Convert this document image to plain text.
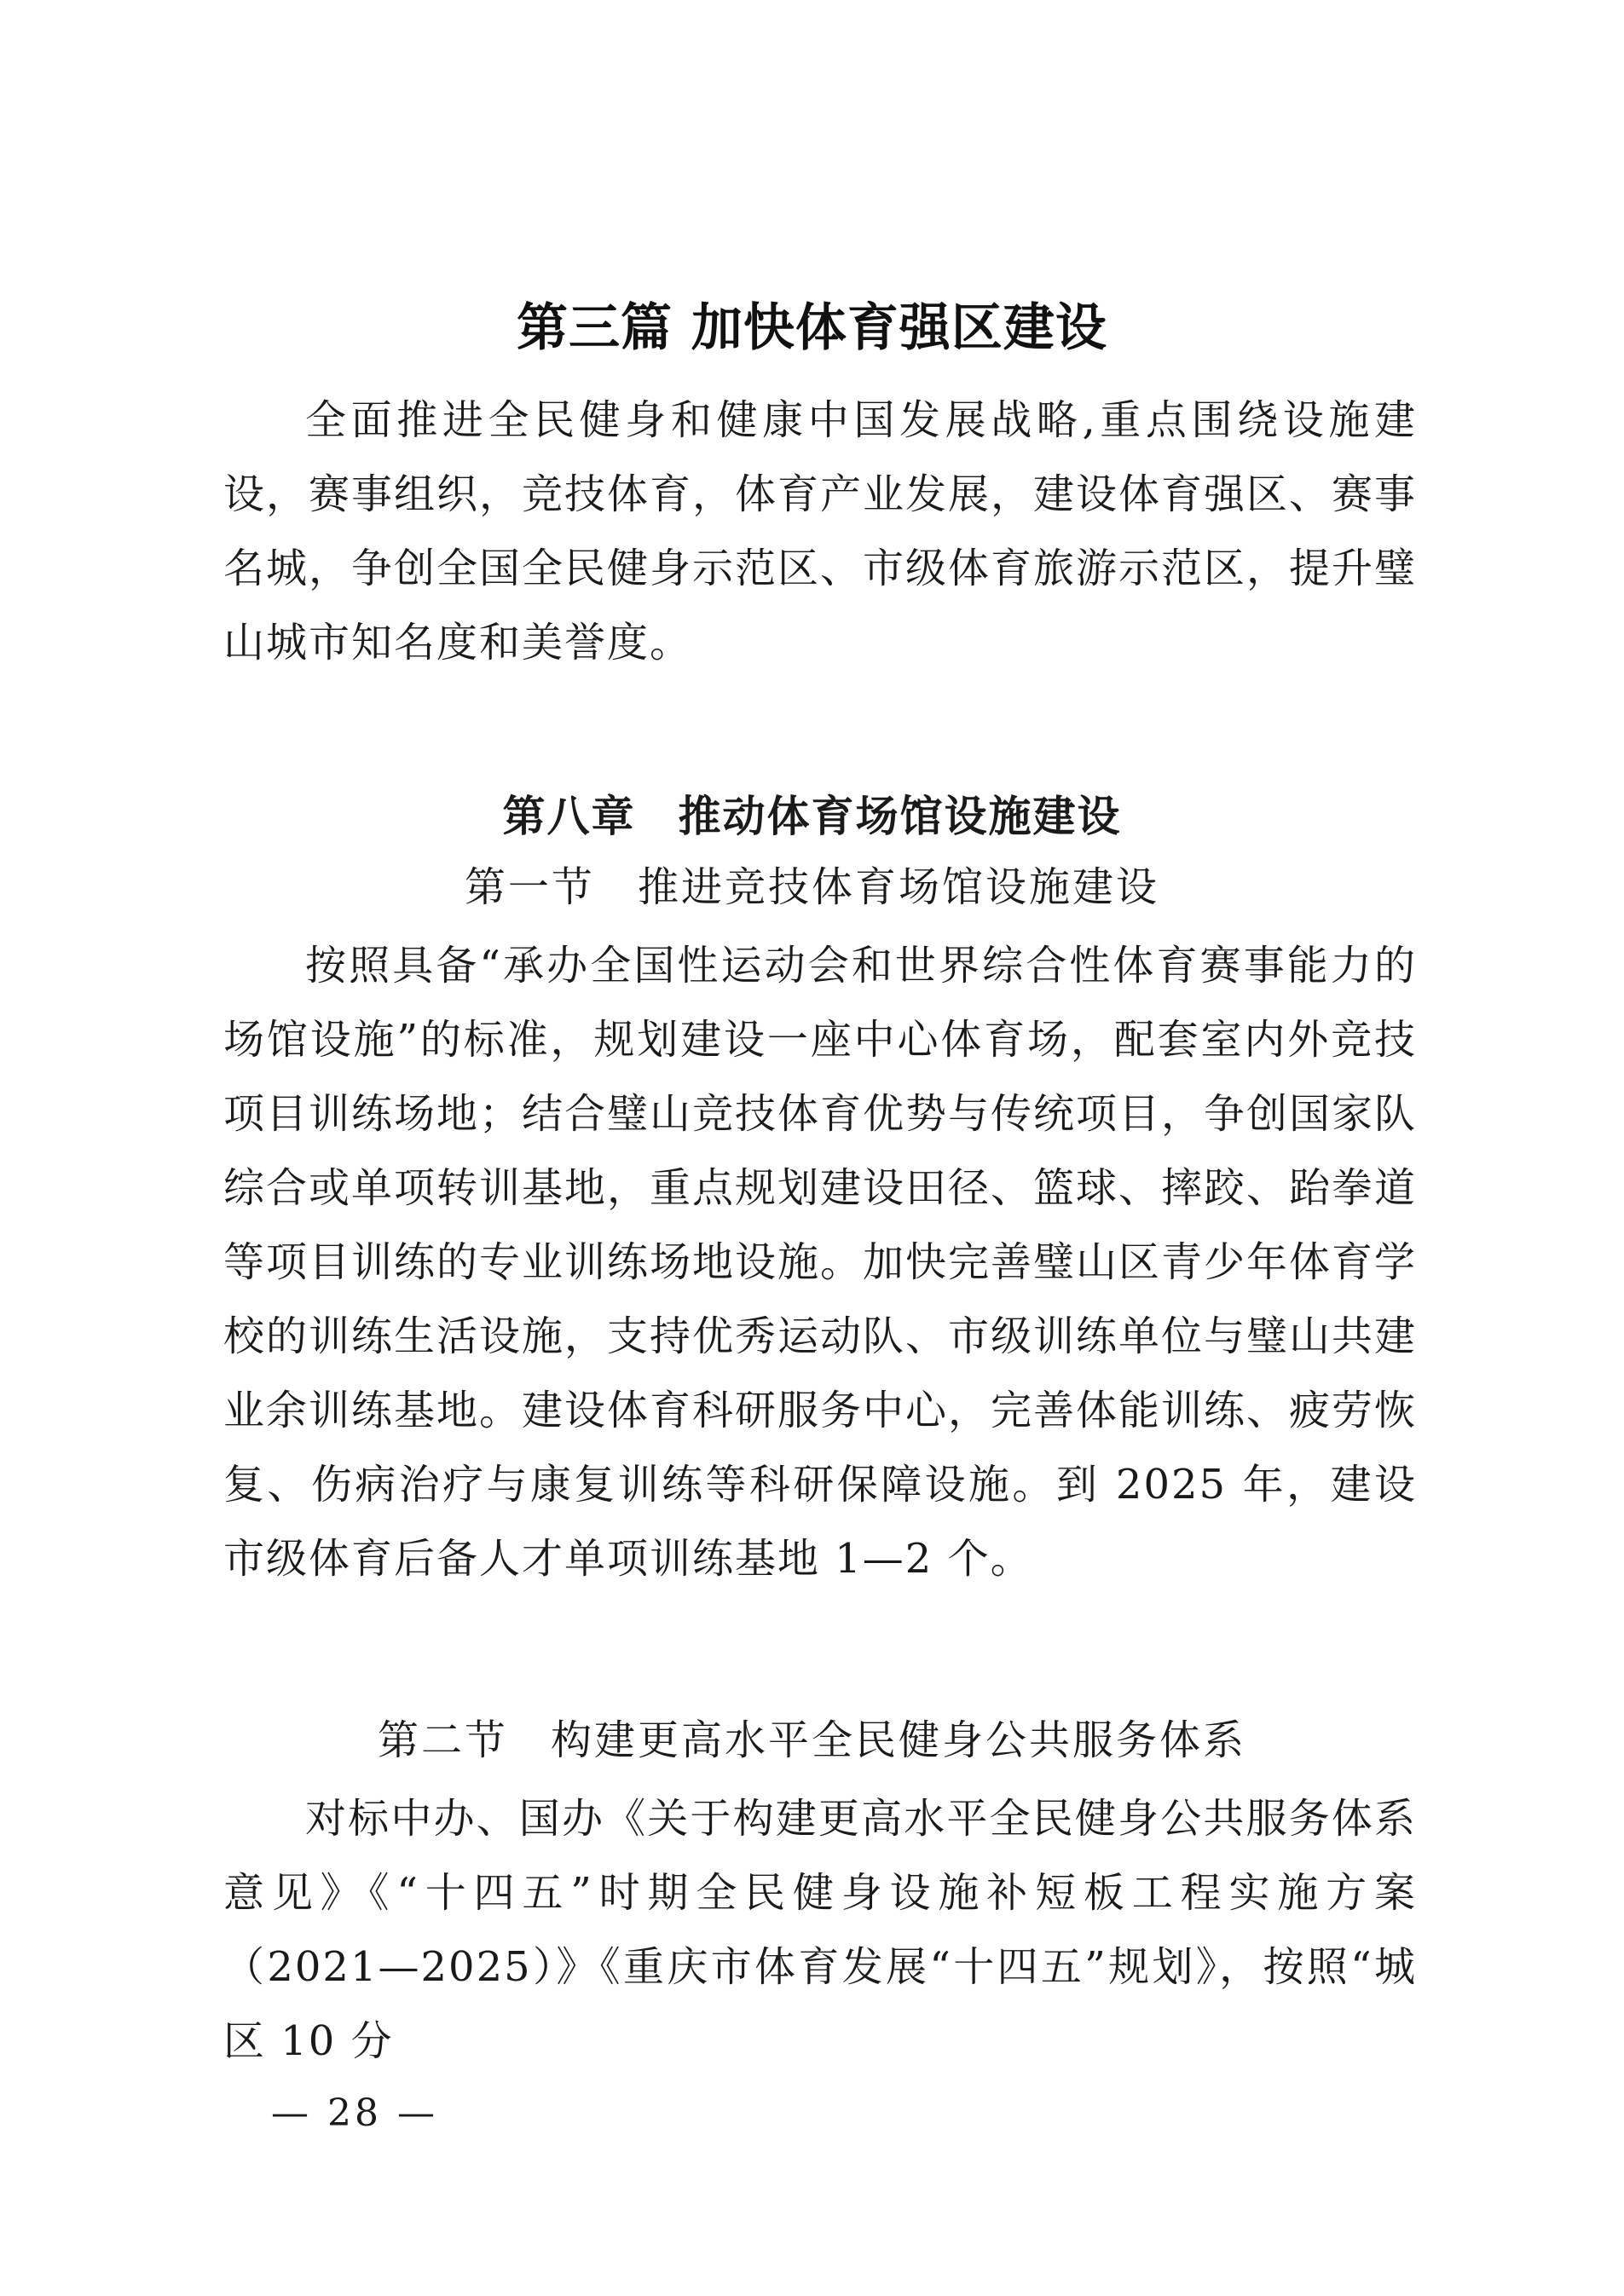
第三篇 加快体育强区建设

全面推进全民健身和健康中国发展战略,重点围绕设施建设，赛事组织，竞技体育，体育产业发展，建设体育强区、赛事名城，争创全国全民健身示范区、市级体育旅游示范区，提升璧山城市知名度和美誉度。

第八章 推动体育场馆设施建设
第一节 推进竞技体育场馆设施建设

按照具备“承办全国性运动会和世界综合性体育赛事能力的场馆设施”的标准，规划建设一座中心体育场，配套室内外竞技项目训练场地；结合璧山竞技体育优势与传统项目，争创国家队综合或单项转训基地，重点规划建设田径、篮球、摔跤、跆拳道等项目训练的专业训练场地设施。加快完善璧山区青少年体育学校的训练生活设施，支持优秀运动队、市级训练单位与璧山共建业余训练基地。建设体育科研服务中心，完善体能训练、疲劳恢复、伤病治疗与康复训练等科研保障设施。到 2025 年，建设市级体育后备人才单项训练基地 1—2 个。

第二节 构建更高水平全民健身公共服务体系

对标中办、国办《关于构建更高水平全民健身公共服务体系意见》《“十四五”时期全民健身设施补短板工程实施方案（2021—2025）》《重庆市体育发展“十四五”规划》，按照“城区 10 分

— 28 —
